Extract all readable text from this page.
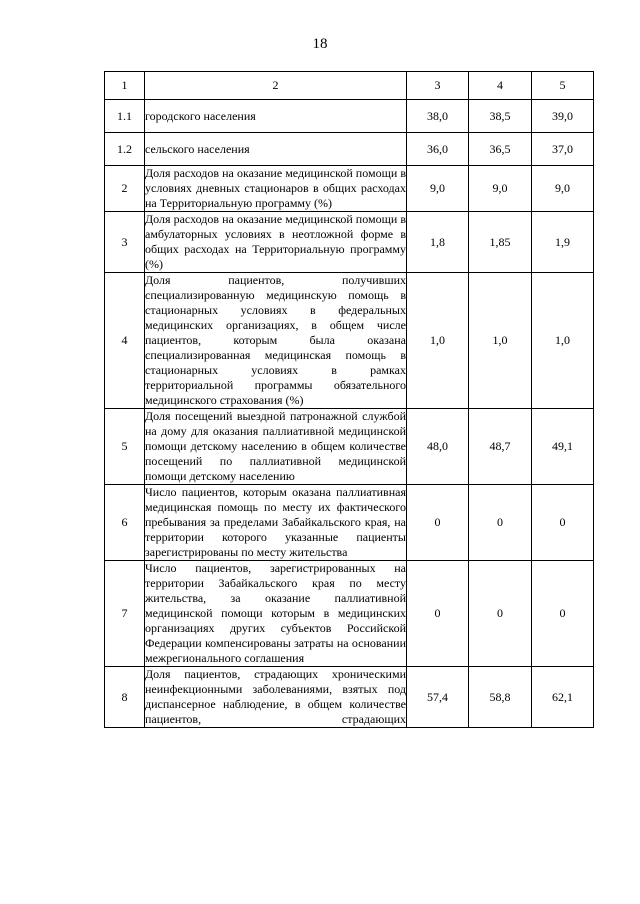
18
1	2	3	4	5
1.1	городского населения	38,0	38,5	39,0
1.2	сельского населения	36,0	36,5	37,0
2	Доля расходов на оказание медицинской помощи в условиях дневных стационаров в общих расходах на Территориальную программу (%)	9,0	9,0	9,0
3	Доля расходов на оказание медицинской помощи в амбулаторных условиях в неотложной форме в общих расходах на Территориальную программу (%)	1,8	1,85	1,9
4	Доля пациентов, получивших специализированную медицинскую помощь в стационарных условиях в федеральных медицинских организациях, в общем числе пациентов, которым была оказана специализированная медицинская помощь в стационарных условиях в рамках территориальной программы обязательного медицинского страхования (%)	1,0	1,0	1,0
5	Доля посещений выездной патронажной службой на дому для оказания паллиативной медицинской помощи детскому населению в общем количестве посещений по паллиативной медицинской помощи детскому населению	48,0	48,7	49,1
6	Число пациентов, которым оказана паллиативная медицинская помощь по месту их фактического пребывания за пределами Забайкальского края, на территории которого указанные пациенты зарегистрированы по месту жительства	0	0	0
7	Число пациентов, зарегистрированных на территории Забайкальского края по месту жительства, за оказание паллиативной медицинской помощи которым в медицинских организациях других субъектов Российской Федерации компенсированы затраты на основании межрегионального соглашения	0	0	0
8	Доля пациентов, страдающих хроническими неинфекционными заболеваниями, взятых под диспансерное наблюдение, в общем количестве пациентов, страдающих	57,4	58,8	62,1
